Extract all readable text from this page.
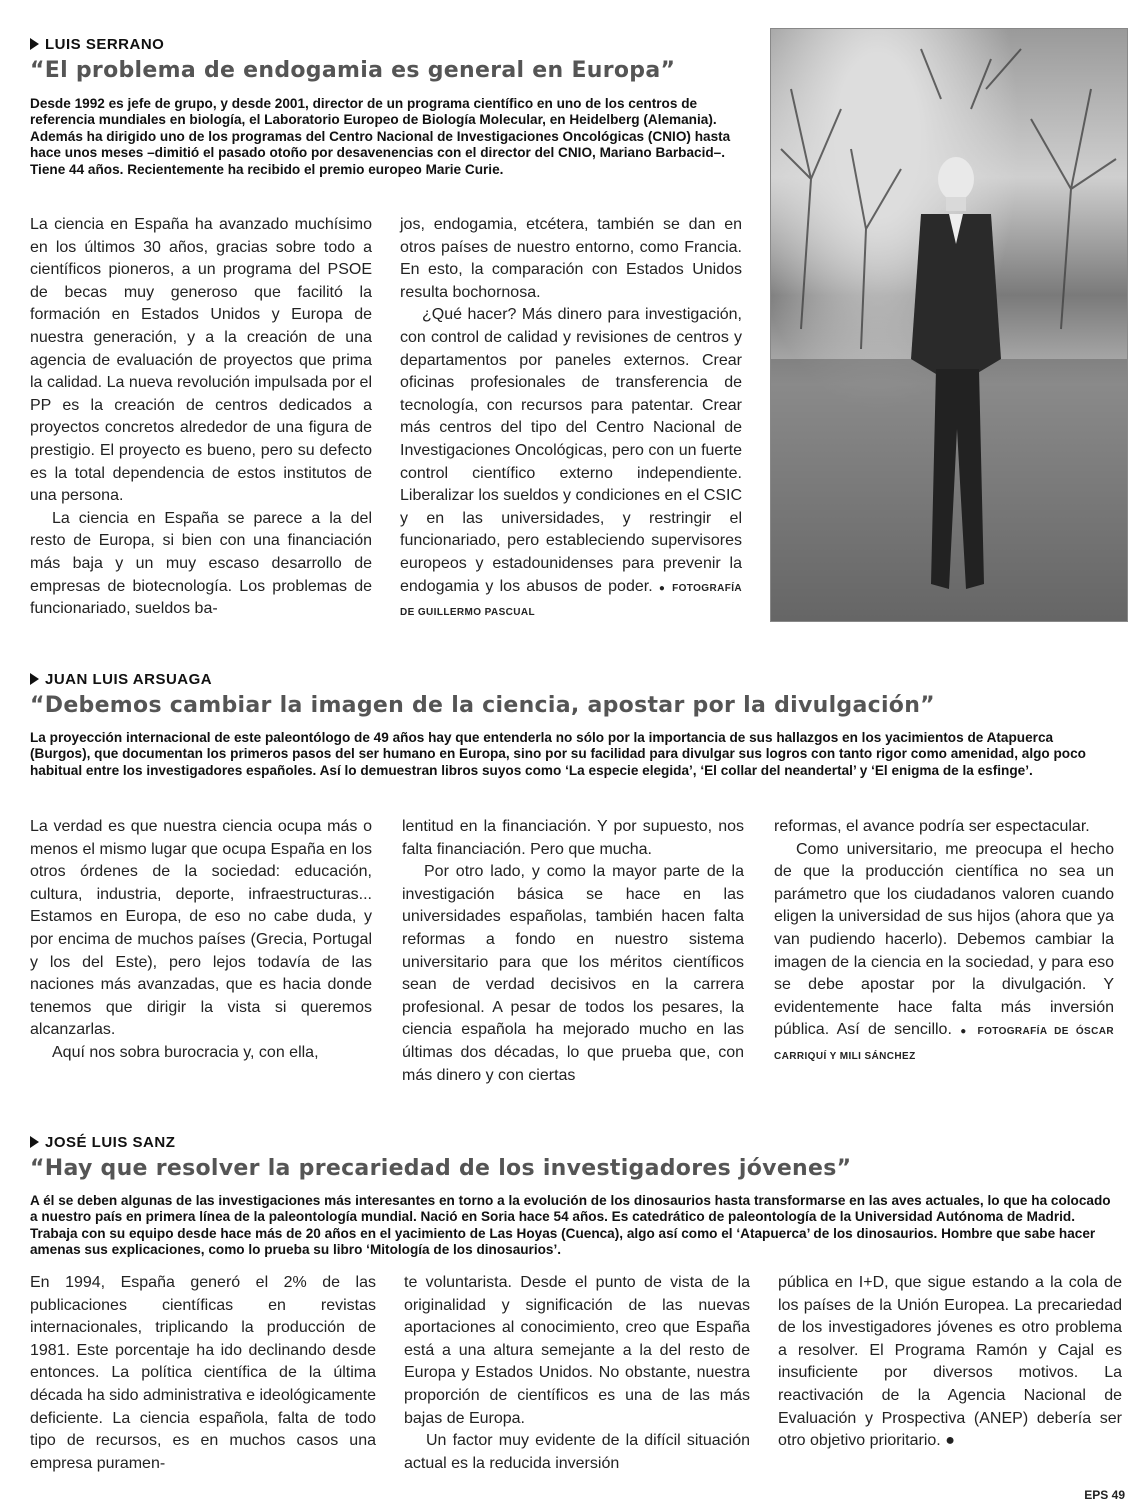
LUIS SERRANO
“El problema de endogamia es general en Europa”

Desde 1992 es jefe de grupo, y desde 2001, director de un programa científico en uno de los centros de referencia mundiales en biología, el Laboratorio Europeo de Biología Molecular, en Heidelberg (Alemania). Además ha dirigido uno de los programas del Centro Nacional de Investigaciones Oncológicas (CNIO) hasta hace unos meses –dimitió el pasado otoño por desavenencias con el director del CNIO, Mariano Barbacid–. Tiene 44 años. Recientemente ha recibido el premio europeo Marie Curie.

La ciencia en España ha avanzado muchísimo en los últimos 30 años, gracias sobre todo a científicos pioneros, a un programa del PSOE de becas muy generoso que facilitó la formación en Estados Unidos y Europa de nuestra generación, y a la creación de una agencia de evaluación de proyectos que prima la calidad. La nueva revolución impulsada por el PP es la creación de centros dedicados a proyectos concretos alrededor de una figura de prestigio. El proyecto es bueno, pero su defecto es la total dependencia de estos institutos de una persona.

La ciencia en España se parece a la del resto de Europa, si bien con una financiación más baja y un muy escaso desarrollo de empresas de biotecnología. Los problemas de funcionariado, sueldos ba-

jos, endogamia, etcétera, también se dan en otros países de nuestro entorno, como Francia. En esto, la comparación con Estados Unidos resulta bochornosa.

¿Qué hacer? Más dinero para investigación, con control de calidad y revisiones de centros y departamentos por paneles externos. Crear oficinas profesionales de transferencia de tecnología, con recursos para patentar. Crear más centros del tipo del Centro Nacional de Investigaciones Oncológicas, pero con un fuerte control científico externo independiente. Liberalizar los sueldos y condiciones en el CSIC y en las universidades, y restringir el funcionariado, pero estableciendo supervisores europeos y estadounidenses para prevenir la endogamia y los abusos de poder. ● FOTOGRAFÍA DE GUILLERMO PASCUAL

JUAN LUIS ARSUAGA
“Debemos cambiar la imagen de la ciencia, apostar por la divulgación”

La proyección internacional de este paleontólogo de 49 años hay que entenderla no sólo por la importancia de sus hallazgos en los yacimientos de Atapuerca (Burgos), que documentan los primeros pasos del ser humano en Europa, sino por su facilidad para divulgar sus logros con tanto rigor como amenidad, algo poco habitual entre los investigadores españoles. Así lo demuestran libros suyos como ‘La especie elegida’, ‘El collar del neandertal’ y ‘El enigma de la esfinge’.

La verdad es que nuestra ciencia ocupa más o menos el mismo lugar que ocupa España en los otros órdenes de la sociedad: educación, cultura, industria, deporte, infraestructuras... Estamos en Europa, de eso no cabe duda, y por encima de muchos países (Grecia, Portugal y los del Este), pero lejos todavía de las naciones más avanzadas, que es hacia donde tenemos que dirigir la vista si queremos alcanzarlas.

Aquí nos sobra burocracia y, con ella,

lentitud en la financiación. Y por supuesto, nos falta financiación. Pero que mucha.

Por otro lado, y como la mayor parte de la investigación básica se hace en las universidades españolas, también hacen falta reformas a fondo en nuestro sistema universitario para que los méritos científicos sean de verdad decisivos en la carrera profesional. A pesar de todos los pesares, la ciencia española ha mejorado mucho en las últimas dos décadas, lo que prueba que, con más dinero y con ciertas

reformas, el avance podría ser espectacular.

Como universitario, me preocupa el hecho de que la producción científica no sea un parámetro que los ciudadanos valoren cuando eligen la universidad de sus hijos (ahora que ya van pudiendo hacerlo). Debemos cambiar la imagen de la ciencia en la sociedad, y para eso se debe apostar por la divulgación. Y evidentemente hace falta más inversión pública. Así de sencillo. ● FOTOGRAFÍA DE ÓSCAR CARRIQUÍ Y MILI SÁNCHEZ

JOSÉ LUIS SANZ
“Hay que resolver la precariedad de los investigadores jóvenes”

A él se deben algunas de las investigaciones más interesantes en torno a la evolución de los dinosaurios hasta transformarse en las aves actuales, lo que ha colocado a nuestro país en primera línea de la paleontología mundial. Nació en Soria hace 54 años. Es catedrático de paleontología de la Universidad Autónoma de Madrid. Trabaja con su equipo desde hace más de 20 años en el yacimiento de Las Hoyas (Cuenca), algo así como el ‘Atapuerca’ de los dinosaurios. Hombre que sabe hacer amenas sus explicaciones, como lo prueba su libro ‘Mitología de los dinosaurios’.

En 1994, España generó el 2% de las publicaciones científicas en revistas internacionales, triplicando la producción de 1981. Este porcentaje ha ido declinando desde entonces. La política científica de la última década ha sido administrativa e ideológicamente deficiente. La ciencia española, falta de todo tipo de recursos, es en muchos casos una empresa puramen-

te voluntarista. Desde el punto de vista de la originalidad y significación de las nuevas aportaciones al conocimiento, creo que España está a una altura semejante a la del resto de Europa y Estados Unidos. No obstante, nuestra proporción de científicos es una de las más bajas de Europa.

Un factor muy evidente de la difícil situación actual es la reducida inversión

pública en I+D, que sigue estando a la cola de los países de la Unión Europea. La precariedad de los investigadores jóvenes es otro problema a resolver. El Programa Ramón y Cajal es insuficiente por diversos motivos. La reactivación de la Agencia Nacional de Evaluación y Prospectiva (ANEP) debería ser otro objetivo prioritario. ●

EPS 49
